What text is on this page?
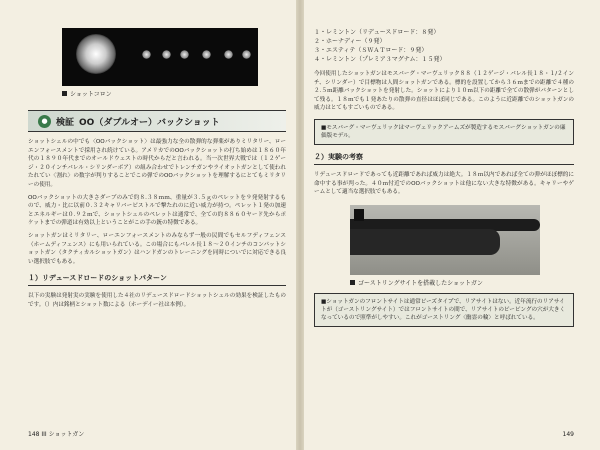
ショットコロン
● 検証 OO（ダブルオー）バックショット
ショットシェルの中でも〈OOバックショット〉は最強力な全の散弾的な弾薬がありミリタリー、ローエンフォースメントで採用され続けている。アメリカでのOOバックショットの打ち始めは１８６０年代の１８９０年代までのオールドウェストの時代からだと言われる。当一次世界大戦では（１２ゲージ・２０インチバレル・シリンダーボア）の組み合わせでトレンチガンやライオットガンとして使われたれてい〈割れ〉の数字が判りすることでこの弾でのOOバックショットを理解するにとてもミリタリーの使用。
OOバックショットの大きさダーブのみで約８.３８ｍｍ、重量が３.５ｇのペレットを９発発射するもので、威力・比に以前０.３２キャリバーピストルで撃たれのに近い威力が持つ。ペレット１発の加速とエネルギーは０.９２ｍで、ショットシェルのペレットは通常で、全ての約８８６０ヤード先からポケットまでの弾道は有効以上ということがこの手の銃の特徴である。
ショットガンはミリタリー、ローエンフォースメントのみならず一般の民間でもセルフディフェンス（ホームディフェンス）にも用いられている。この場合にもバレル長１８～２０インチのコンパットショットガン（タクティカルショットガン）はハンドガンのトレーニングを同時についでに対応できる良い選択肢でもある。
１）リデュースドロードのショットパターン
以下の実験は発射実の実験を使用した４社のリデュースドロードショットシェルの効果を検証したものです。（）内は銘柄とショット数による（ホーデイー社は本例）。
148 III ショットガン
１・レミントン（リデュースドロード：８発）
２・ホーナディー（９発）
３・エスティテ（ＳＷＡＴロード：９発）
４・レミントン（プレミア３マグナム：１５発）
今回使用したショットガンはモスバーグ・マーヴェリック８８（１２ゲージ・バレル長１８・１/２インチ、シリンダー）で目標物は人間ショットガンである。標的を設置してから３６ｍまでの距離で４種の２.５ｍ距離バックショットを発射した。ショットにより１０ｍ以下の距離で全ての散弾がパターンとして残る。１８ｍでも１発あたりの散弾の直径はほぼ同じである。このように近距離でのショットガンの威力はとてもすごいものである。
■モスバーグ・マーヴェリックはマーヴェリックアームズが製造するモスバーグショットガンの廉価版モデル。
２）実験の考察
リデュースドロードであっても近距離であれば威力は絶大。１８ｍ以内であれば全ての弾がほぼ標的に命中する事が判った。４０ｍ付近でのOOバックショットは他にない大きな特徴がある。キャリーやゲームとして適当な選択肢でもある。
ゴーストリングサイトを搭載したショットガン
■ショットガンのフロントサイトは通常ビーズタイプで、リアサイトはない。近年流行のリアサイトが（ゴーストリングサイト）ではフロントサイトの間で、リアサイトのピーピングの穴が大きくなっているので照準がしやすい。これがゴーストリング〈幽霊の輪〉と呼ばれている。
149
